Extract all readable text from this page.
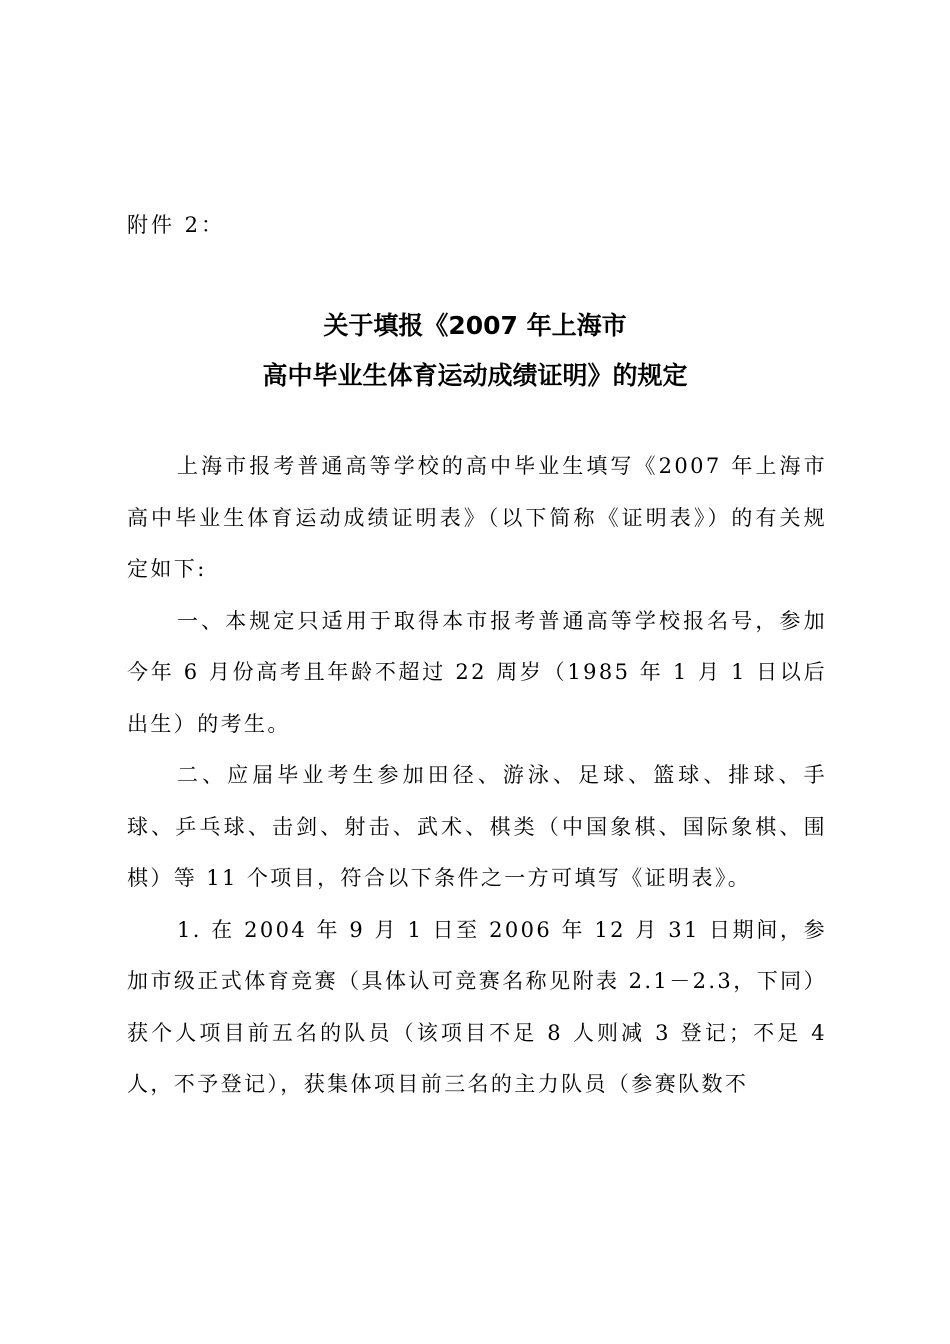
附件 2：
关于填报《2007 年上海市
高中毕业生体育运动成绩证明》的规定

上海市报考普通高等学校的高中毕业生填写《2007 年上海市高中毕业生体育运动成绩证明表》（以下简称《证明表》）的有关规定如下:

一、本规定只适用于取得本市报考普通高等学校报名号，参加今年 6 月份高考且年龄不超过 22 周岁（1985 年 1 月 1 日以后出生）的考生。

二、应届毕业考生参加田径、游泳、足球、篮球、排球、手球、乒乓球、击剑、射击、武术、棋类（中国象棋、国际象棋、围棋）等 11 个项目，符合以下条件之一方可填写《证明表》。

1. 在 2004 年 9 月 1 日至 2006 年 12 月 31 日期间，参加市级正式体育竞赛（具体认可竞赛名称见附表 2.1－2.3，下同）获个人项目前五名的队员（该项目不足 8 人则减 3 登记；不足 4 人，不予登记），获集体项目前三名的主力队员（参赛队数不
